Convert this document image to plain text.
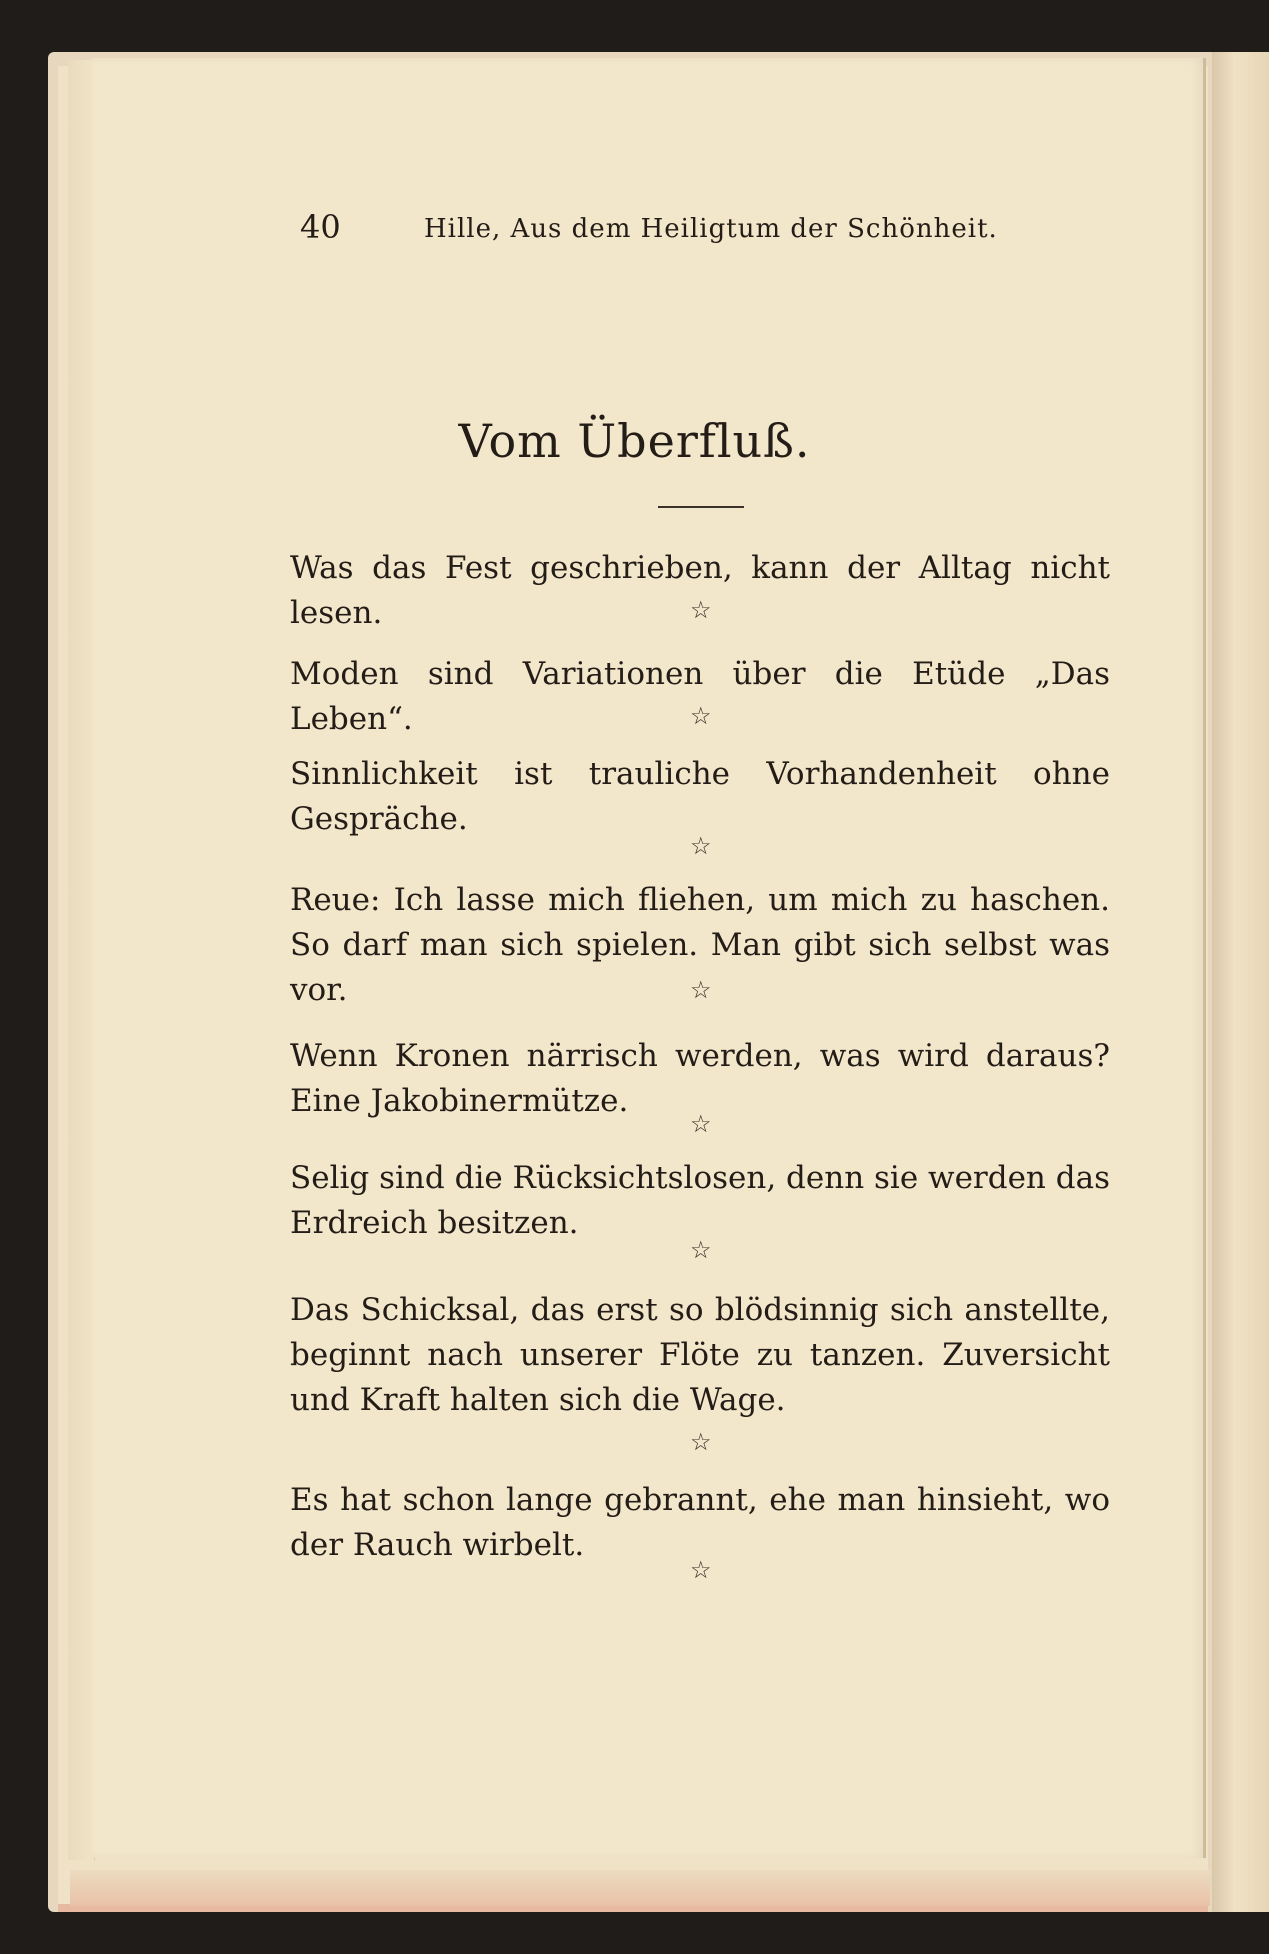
40	Hille, Aus dem Heiligtum der Schönheit.
Vom Überfluß.

Was das Fest geschrieben, kann der Alltag nicht lesen.	☆

Moden sind Variationen über die Etüde „Das Leben“.	☆

Sinnlichkeit ist trauliche Vorhandenheit ohne Gespräche.

☆

Reue: Ich lasse mich fliehen, um mich zu haschen. So darf man sich spielen. Man gibt sich selbst was vor.	☆

Wenn Kronen närrisch werden, was wird daraus? Eine Jakobinermütze.

☆

Selig sind die Rücksichtslosen, denn sie werden das Erdreich besitzen.

☆

Das Schicksal, das erst so blödsinnig sich anstellte, beginnt nach unserer Flöte zu tanzen. Zuversicht und Kraft halten sich die Wage.

☆

Es hat schon lange gebrannt, ehe man hinsieht, wo der Rauch wirbelt.

☆
